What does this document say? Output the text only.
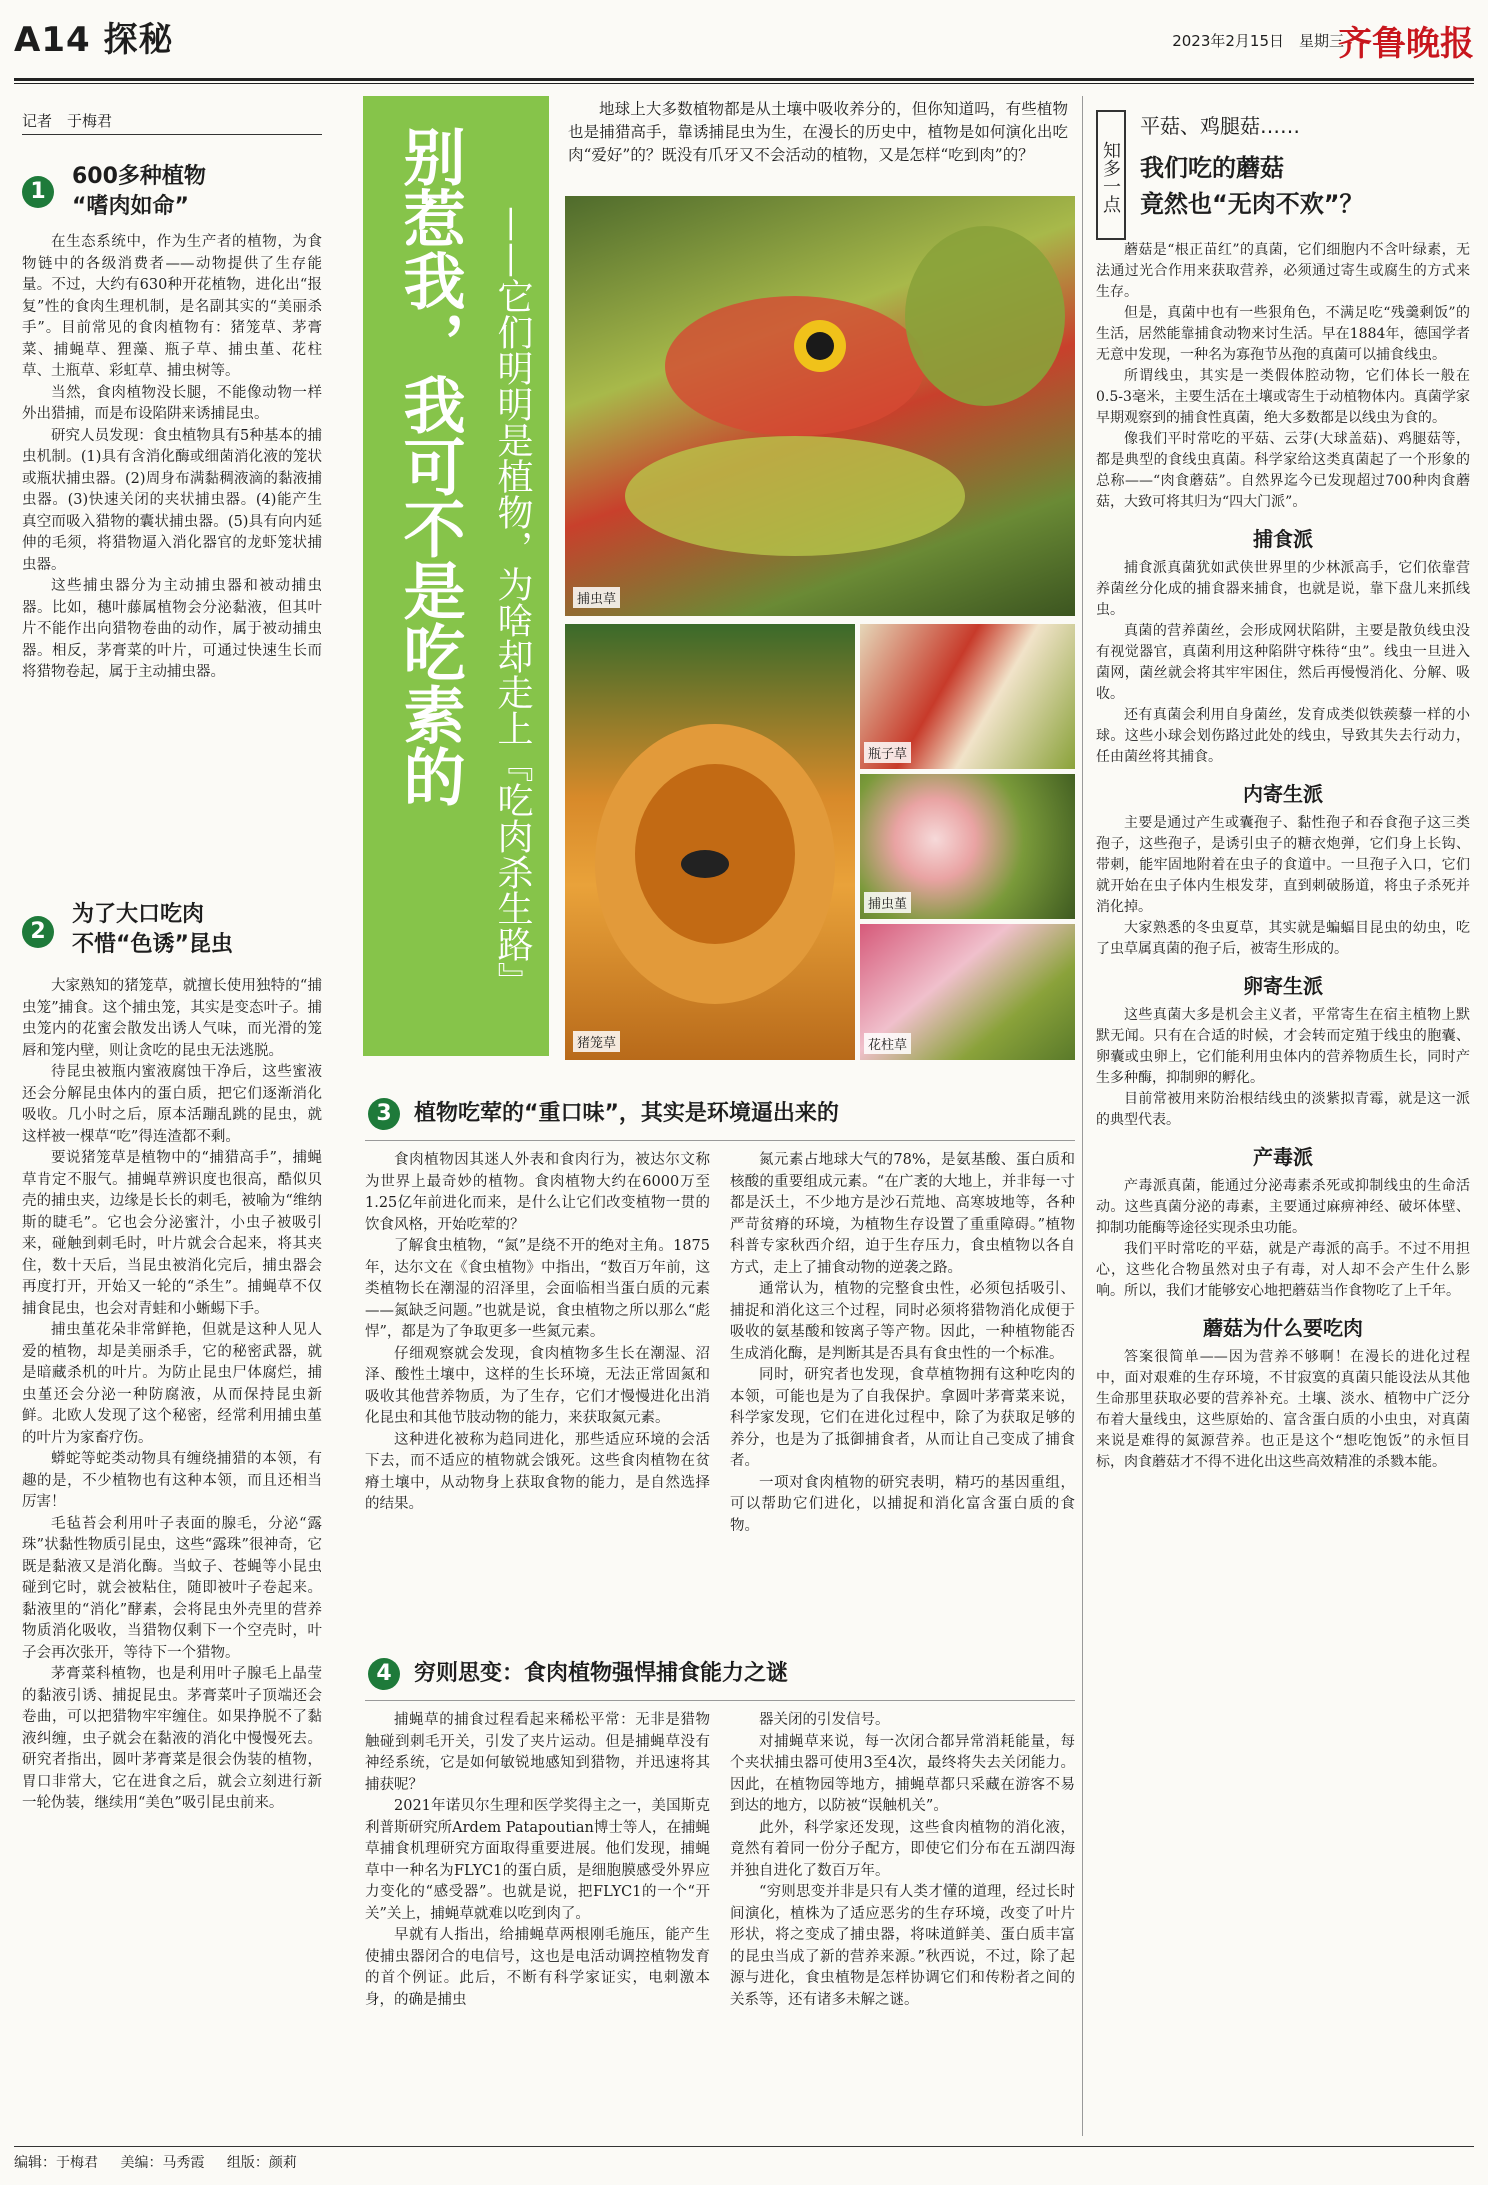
A14 探秘	2023年2月15日　星期三
齐鲁晚报
记者　于梅君
1
600多种植物
“嗜肉如命”

在生态系统中，作为生产者的植物，为食物链中的各级消费者——动物提供了生存能量。不过，大约有630种开花植物，进化出“报复”性的食肉生理机制，是名副其实的“美丽杀手”。目前常见的食肉植物有：猪笼草、茅膏菜、捕蝇草、狸藻、瓶子草、捕虫堇、花柱草、土瓶草、彩虹草、捕虫树等。

当然，食肉植物没长腿，不能像动物一样外出猎捕，而是布设陷阱来诱捕昆虫。

研究人员发现：食虫植物具有5种基本的捕虫机制。(1)具有含消化酶或细菌消化液的笼状或瓶状捕虫器。(2)周身布满黏稠液滴的黏液捕虫器。(3)快速关闭的夹状捕虫器。(4)能产生真空而吸入猎物的囊状捕虫器。(5)具有向内延伸的毛须，将猎物逼入消化器官的龙虾笼状捕虫器。

这些捕虫器分为主动捕虫器和被动捕虫器。比如，穗叶藤属植物会分泌黏液，但其叶片不能作出向猎物卷曲的动作，属于被动捕虫器。相反，茅膏菜的叶片，可通过快速生长而将猎物卷起，属于主动捕虫器。

2
为了大口吃肉
不惜“色诱”昆虫

大家熟知的猪笼草，就擅长使用独特的“捕虫笼”捕食。这个捕虫笼，其实是变态叶子。捕虫笼内的花蜜会散发出诱人气味，而光滑的笼唇和笼内壁，则让贪吃的昆虫无法逃脱。

待昆虫被瓶内蜜液腐蚀干净后，这些蜜液还会分解昆虫体内的蛋白质，把它们逐渐消化吸收。几小时之后，原本活蹦乱跳的昆虫，就这样被一棵草“吃”得连渣都不剩。

要说猪笼草是植物中的“捕猎高手”，捕蝇草肯定不服气。捕蝇草辨识度也很高，酷似贝壳的捕虫夹，边缘是长长的刺毛，被喻为“维纳斯的睫毛”。它也会分泌蜜汁，小虫子被吸引来，碰触到刺毛时，叶片就会合起来，将其夹住，数十天后，当昆虫被消化完后，捕虫器会再度打开，开始又一轮的“杀生”。捕蝇草不仅捕食昆虫，也会对青蛙和小蜥蜴下手。

捕虫堇花朵非常鲜艳，但就是这种人见人爱的植物，却是美丽杀手，它的秘密武器，就是暗藏杀机的叶片。为防止昆虫尸体腐烂，捕虫堇还会分泌一种防腐液，从而保持昆虫新鲜。北欧人发现了这个秘密，经常利用捕虫堇的叶片为家畜疗伤。

蟒蛇等蛇类动物具有缠绕捕猎的本领，有趣的是，不少植物也有这种本领，而且还相当厉害！

毛毡苔会利用叶子表面的腺毛，分泌“露珠”状黏性物质引昆虫，这些“露珠”很神奇，它既是黏液又是消化酶。当蚊子、苍蝇等小昆虫碰到它时，就会被粘住，随即被叶子卷起来。黏液里的“消化”酵素，会将昆虫外壳里的营养物质消化吸收，当猎物仅剩下一个空壳时，叶子会再次张开，等待下一个猎物。

茅膏菜科植物，也是利用叶子腺毛上晶莹的黏液引诱、捕捉昆虫。茅膏菜叶子顶端还会卷曲，可以把猎物牢牢缠住。如果挣脱不了黏液纠缠，虫子就会在黏液的消化中慢慢死去。研究者指出，圆叶茅膏菜是很会伪装的植物，胃口非常大，它在进食之后，就会立刻进行新一轮伪装，继续用“美色”吸引昆虫前来。

别惹我，我可不是吃素的 ——它们明明是植物，为啥却走上『吃肉杀生路』
地球上大多数植物都是从土壤中吸收养分的，但你知道吗，有些植物也是捕猎高手，靠诱捕昆虫为生，在漫长的历史中，植物是如何演化出吃肉“爱好”的？既没有爪牙又不会活动的植物，又是怎样“吃到肉”的？
捕虫草
猪笼草
瓶子草
捕虫堇
花柱草
3	植物吃荤的“重口味”，其实是环境逼出来的

食肉植物因其迷人外表和食肉行为，被达尔文称为世界上最奇妙的植物。食肉植物大约在6000万至1.25亿年前进化而来，是什么让它们改变植物一贯的饮食风格，开始吃荤的？

了解食虫植物，“氮”是绕不开的绝对主角。1875年，达尔文在《食虫植物》中指出，“数百万年前，这类植物长在潮湿的沼泽里，会面临相当蛋白质的元素——氮缺乏问题。”也就是说，食虫植物之所以那么“彪悍”，都是为了争取更多一些氮元素。

仔细观察就会发现，食肉植物多生长在潮湿、沼泽、酸性土壤中，这样的生长环境，无法正常固氮和吸收其他营养物质，为了生存，它们才慢慢进化出消化昆虫和其他节肢动物的能力，来获取氮元素。

这种进化被称为趋同进化，那些适应环境的会活下去，而不适应的植物就会饿死。这些食肉植物在贫瘠土壤中，从动物身上获取食物的能力，是自然选择的结果。

氮元素占地球大气的78%，是氨基酸、蛋白质和核酸的重要组成元素。“在广袤的大地上，并非每一寸都是沃土，不少地方是沙石荒地、高寒坡地等，各种严苛贫瘠的环境，为植物生存设置了重重障碍。”植物科普专家秋西介绍，迫于生存压力，食虫植物以各自方式，走上了捕食动物的逆袭之路。

通常认为，植物的完整食虫性，必须包括吸引、捕捉和消化这三个过程，同时必须将猎物消化成便于吸收的氨基酸和铵离子等产物。因此，一种植物能否生成消化酶，是判断其是否具有食虫性的一个标准。

同时，研究者也发现，食草植物拥有这种吃肉的本领，可能也是为了自我保护。拿圆叶茅膏菜来说，科学家发现，它们在进化过程中，除了为获取足够的养分，也是为了抵御捕食者，从而让自己变成了捕食者。

一项对食肉植物的研究表明，精巧的基因重组，可以帮助它们进化，以捕捉和消化富含蛋白质的食物。

4	穷则思变：食肉植物强悍捕食能力之谜

捕蝇草的捕食过程看起来稀松平常：无非是猎物触碰到刺毛开关，引发了夹片运动。但是捕蝇草没有神经系统，它是如何敏锐地感知到猎物，并迅速将其捕获呢？

2021年诺贝尔生理和医学奖得主之一，美国斯克利普斯研究所Ardem Patapoutian博士等人，在捕蝇草捕食机理研究方面取得重要进展。他们发现，捕蝇草中一种名为FLYC1的蛋白质，是细胞膜感受外界应力变化的“感受器”。也就是说，把FLYC1的一个“开关”关上，捕蝇草就难以吃到肉了。

早就有人指出，给捕蝇草两根刚毛施压，能产生使捕虫器闭合的电信号，这也是电活动调控植物发育的首个例证。此后，不断有科学家证实，电刺激本身，的确是捕虫

器关闭的引发信号。

对捕蝇草来说，每一次闭合都异常消耗能量，每个夹状捕虫器可使用3至4次，最终将失去关闭能力。因此，在植物园等地方，捕蝇草都只采藏在游客不易到达的地方，以防被“误触机关”。

此外，科学家还发现，这些食肉植物的消化液，竟然有着同一份分子配方，即使它们分布在五湖四海并独自进化了数百万年。

“穷则思变并非是只有人类才懂的道理，经过长时间演化，植株为了适应恶劣的生存环境，改变了叶片形状，将之变成了捕虫器，将味道鲜美、蛋白质丰富的昆虫当成了新的营养来源。”秋西说，不过，除了起源与进化，食虫植物是怎样协调它们和传粉者之间的关系等，还有诸多未解之谜。

知多一点
平菇、鸡腿菇……
我们吃的蘑菇
竟然也“无肉不欢”？

蘑菇是“根正苗红”的真菌，它们细胞内不含叶绿素，无法通过光合作用来获取营养，必须通过寄生或腐生的方式来生存。

但是，真菌中也有一些狠角色，不满足吃“残羹剩饭”的生活，居然能靠捕食动物来讨生活。早在1884年，德国学者无意中发现，一种名为寡孢节丛孢的真菌可以捕食线虫。

所谓线虫，其实是一类假体腔动物，它们体长一般在0.5-3毫米，主要生活在土壤或寄生于动植物体内。真菌学家早期观察到的捕食性真菌，绝大多数都是以线虫为食的。

像我们平时常吃的平菇、云芽(大球盖菇)、鸡腿菇等，都是典型的食线虫真菌。科学家给这类真菌起了一个形象的总称——“肉食蘑菇”。自然界迄今已发现超过700种肉食蘑菇，大致可将其归为“四大门派”。

捕食派

捕食派真菌犹如武侠世界里的少林派高手，它们依靠营养菌丝分化成的捕食器来捕食，也就是说，靠下盘儿来抓线虫。

真菌的营养菌丝，会形成网状陷阱，主要是散负线虫没有视觉器官，真菌利用这种陷阱守株待“虫”。线虫一旦进入菌网，菌丝就会将其牢牢困住，然后再慢慢消化、分解、吸收。

还有真菌会利用自身菌丝，发育成类似铁蒺藜一样的小球。这些小球会划伤路过此处的线虫，导致其失去行动力，任由菌丝将其捕食。

内寄生派

主要是通过产生或囊孢子、黏性孢子和吞食孢子这三类孢子，这些孢子，是诱引虫子的糖衣炮弹，它们身上长钩、带刺，能牢固地附着在虫子的食道中。一旦孢子入口，它们就开始在虫子体内生根发芽，直到刺破肠道，将虫子杀死并消化掉。

大家熟悉的冬虫夏草，其实就是蝙蝠目昆虫的幼虫，吃了虫草属真菌的孢子后，被寄生形成的。

卵寄生派

这些真菌大多是机会主义者，平常寄生在宿主植物上默默无闻。只有在合适的时候，才会转而定殖于线虫的胞囊、卵囊或虫卵上，它们能利用虫体内的营养物质生长，同时产生多种酶，抑制卵的孵化。

目前常被用来防治根结线虫的淡紫拟青霉，就是这一派的典型代表。

产毒派

产毒派真菌，能通过分泌毒素杀死或抑制线虫的生命活动。这些真菌分泌的毒素，主要通过麻痹神经、破坏体壁、抑制功能酶等途径实现杀虫功能。

我们平时常吃的平菇，就是产毒派的高手。不过不用担心，这些化合物虽然对虫子有毒，对人却不会产生什么影响。所以，我们才能够安心地把蘑菇当作食物吃了上千年。

蘑菇为什么要吃肉

答案很简单——因为营养不够啊！在漫长的进化过程中，面对艰难的生存环境，不甘寂寞的真菌只能设法从其他生命那里获取必要的营养补充。土壤、淡水、植物中广泛分布着大量线虫，这些原始的、富含蛋白质的小虫虫，对真菌来说是难得的氮源营养。也正是这个“想吃饱饭”的永恒目标，肉食蘑菇才不得不进化出这些高效精准的杀戮本能。

编辑：于梅君 美编：马秀霞 组版：颜莉
